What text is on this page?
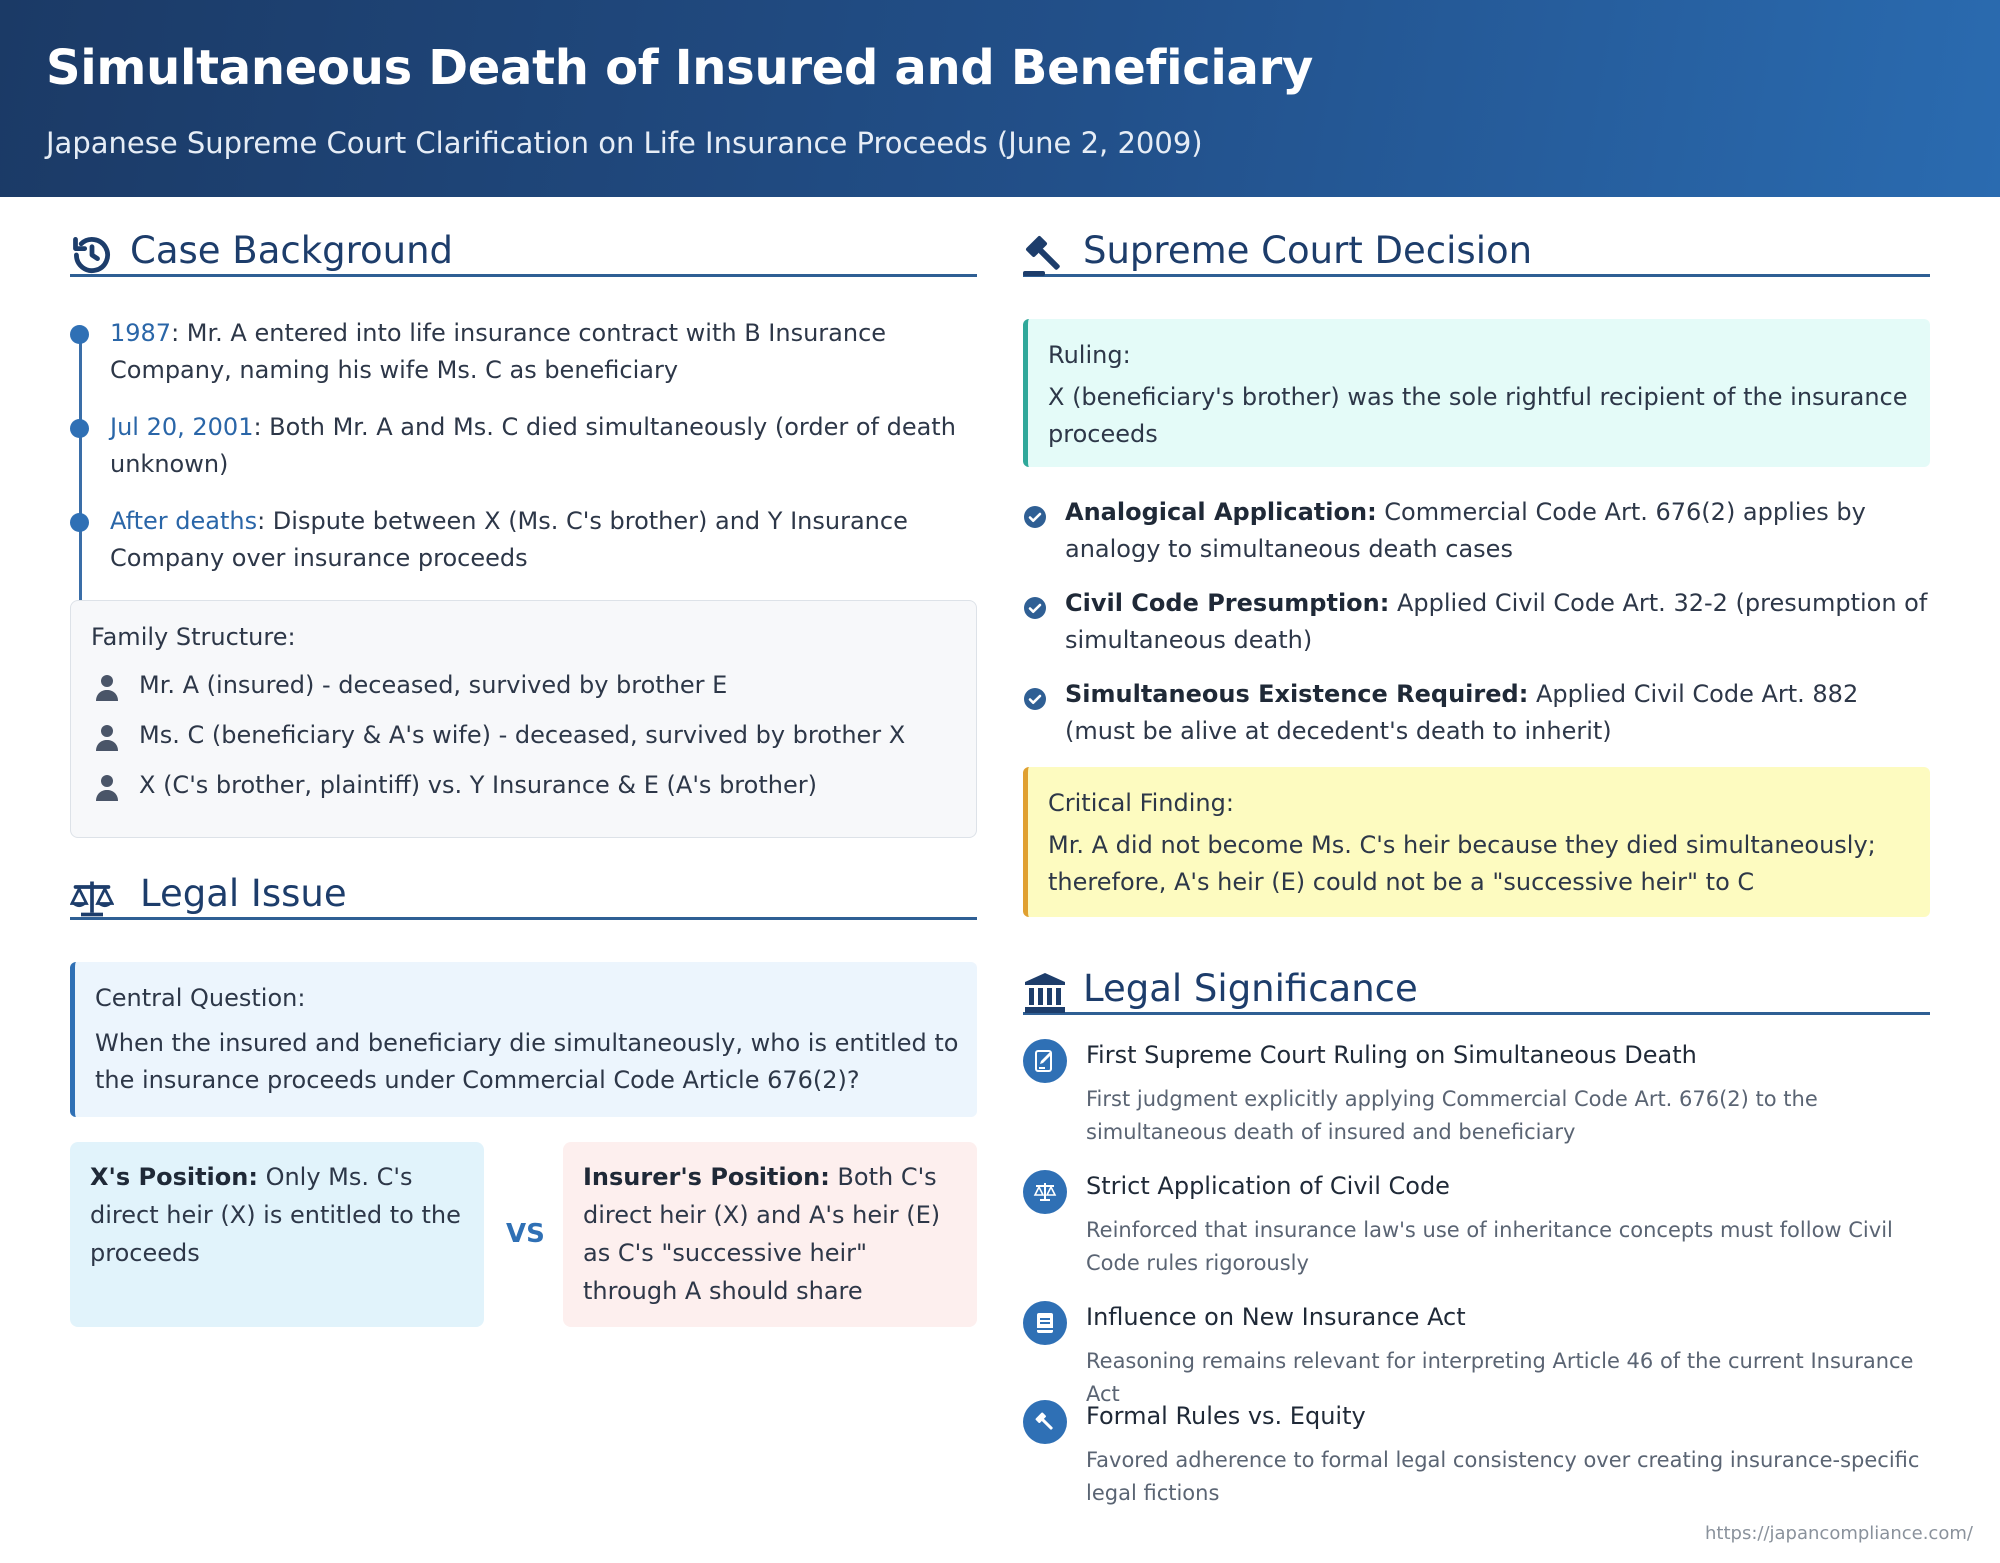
Simultaneous Death of Insured and Beneficiary
Japanese Supreme Court Clarification on Life Insurance Proceeds (June 2, 2009)
Case Background
1987: Mr. A entered into life insurance contract with B Insurance Company, naming his wife Ms. C as beneficiary
Jul 20, 2001: Both Mr. A and Ms. C died simultaneously (order of death unknown)
After deaths: Dispute between X (Ms. C's brother) and Y Insurance Company over insurance proceeds
Family Structure:
Mr. A (insured) - deceased, survived by brother E
Ms. C (beneficiary & A's wife) - deceased, survived by brother X
X (C's brother, plaintiff) vs. Y Insurance & E (A's brother)
Legal Issue
Central Question:
When the insured and beneficiary die simultaneously, who is entitled to the insurance proceeds under Commercial Code Article 676(2)?
X's Position: Only Ms. C's direct heir (X) is entitled to the proceeds
VS
Insurer's Position: Both C's direct heir (X) and A's heir (E) as C's "successive heir" through A should share
Supreme Court Decision
Ruling:
X (beneficiary's brother) was the sole rightful recipient of the insurance proceeds
Analogical Application: Commercial Code Art. 676(2) applies by analogy to simultaneous death cases
Civil Code Presumption: Applied Civil Code Art. 32-2 (presumption of simultaneous death)
Simultaneous Existence Required: Applied Civil Code Art. 882 (must be alive at decedent's death to inherit)
Critical Finding:
Mr. A did not become Ms. C's heir because they died simultaneously; therefore, A's heir (E) could not be a "successive heir" to C
Legal Significance
First Supreme Court Ruling on Simultaneous Death
First judgment explicitly applying Commercial Code Art. 676(2) to the simultaneous death of insured and beneficiary
Strict Application of Civil Code
Reinforced that insurance law's use of inheritance concepts must follow Civil Code rules rigorously
Influence on New Insurance Act
Reasoning remains relevant for interpreting Article 46 of the current Insurance Act
Formal Rules vs. Equity
Favored adherence to formal legal consistency over creating insurance-specific legal fictions
https://japancompliance.com/
